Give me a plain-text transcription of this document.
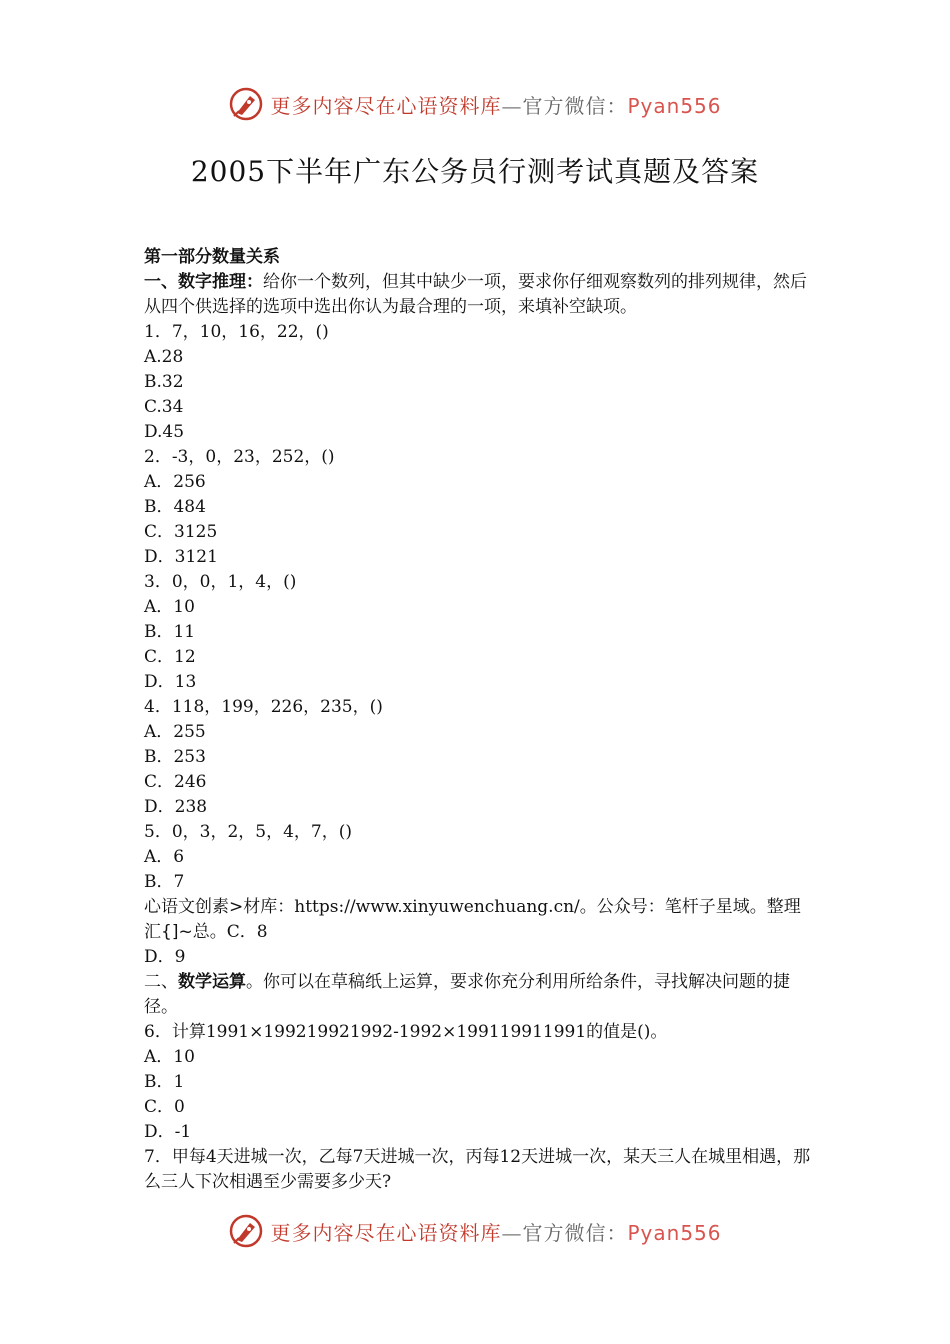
更多内容尽在心语资料库—官方微信：Pyan556
2005下半年广东公务员行测考试真题及答案
第一部分数量关系
一、数字推理：给你一个数列，但其中缺少一项，要求你仔细观察数列的排列规律，然后从四个供选择的选项中选出你认为最合理的一项，来填补空缺项。
1．7，10，16，22，()
A.28
B.32
C.34
D.45
2．-3，0，23，252，()
A．256
B．484
C．3125
D．3121
3．0，0，1，4，()
A．10
B．11
C．12
D．13
4．118，199，226，235，()
A．255
B．253
C．246
D．238
5．0，3，2，5，4，7，()
A．6
B．7
心语文创素>材库：https://www.xinyuwenchuang.cn/。公众号：笔杆子星域。整理汇{]~总。C．8
D．9
二、数学运算。你可以在草稿纸上运算，要求你充分利用所给条件，寻找解决问题的捷径。
6．计算1991×199219921992-1992×199119911991的值是()。
A．10
B．1
C．0
D．-1
7．甲每4天进城一次，乙每7天进城一次，丙每12天进城一次，某天三人在城里相遇，那么三人下次相遇至少需要多少天?
更多内容尽在心语资料库—官方微信：Pyan556
